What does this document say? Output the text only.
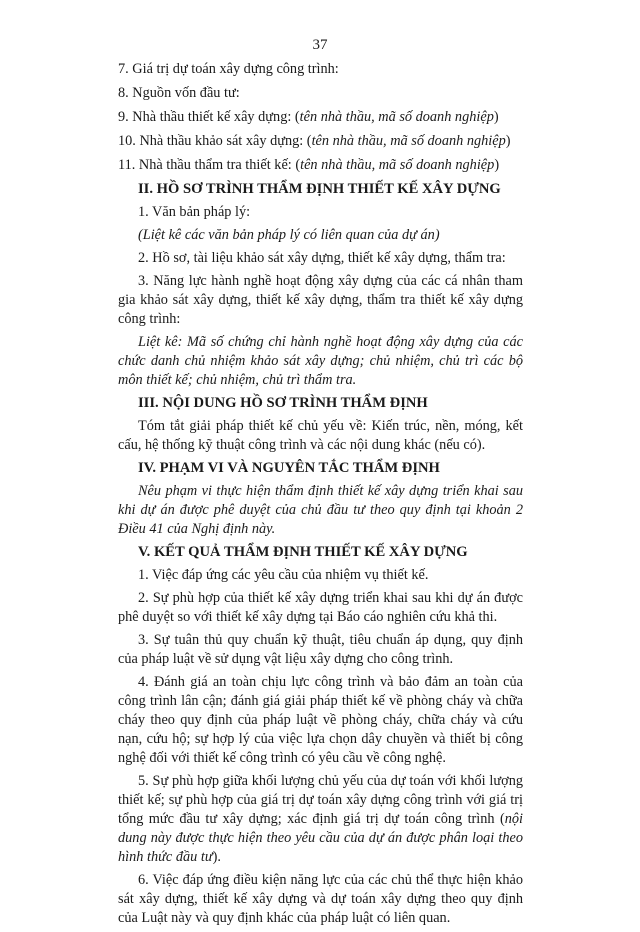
37

7. Giá trị dự toán xây dựng công trình:

8. Nguồn vốn đầu tư:

9. Nhà thầu thiết kế xây dựng: (tên nhà thầu, mã số doanh nghiệp)

10. Nhà thầu khảo sát xây dựng: (tên nhà thầu, mã số doanh nghiệp)

11. Nhà thầu thẩm tra thiết kế: (tên nhà thầu, mã số doanh nghiệp)

II. HỒ SƠ TRÌNH THẨM ĐỊNH THIẾT KẾ XÂY DỰNG

1. Văn bản pháp lý:

(Liệt kê các văn bản pháp lý có liên quan của dự án)

2. Hồ sơ, tài liệu khảo sát xây dựng, thiết kế xây dựng, thẩm tra:

3. Năng lực hành nghề hoạt động xây dựng của các cá nhân tham gia khảo sát xây dựng, thiết kế xây dựng, thẩm tra thiết kế xây dựng công trình:

Liệt kê: Mã số chứng chỉ hành nghề hoạt động xây dựng của các chức danh chủ nhiệm khảo sát xây dựng; chủ nhiệm, chủ trì các bộ môn thiết kế; chủ nhiệm, chủ trì thẩm tra.

III. NỘI DUNG HỒ SƠ TRÌNH THẨM ĐỊNH

Tóm tắt giải pháp thiết kế chủ yếu về: Kiến trúc, nền, móng, kết cấu, hệ thống kỹ thuật công trình và các nội dung khác (nếu có).

IV. PHẠM VI VÀ NGUYÊN TẮC THẨM ĐỊNH

Nêu phạm vi thực hiện thẩm định thiết kế xây dựng triển khai sau khi dự án được phê duyệt của chủ đầu tư theo quy định tại khoản 2 Điều 41 của Nghị định này.

V. KẾT QUẢ THẨM ĐỊNH THIẾT KẾ XÂY DỰNG

1. Việc đáp ứng các yêu cầu của nhiệm vụ thiết kế.

2. Sự phù hợp của thiết kế xây dựng triển khai sau khi dự án được phê duyệt so với thiết kế xây dựng tại Báo cáo nghiên cứu khả thi.

3. Sự tuân thủ quy chuẩn kỹ thuật, tiêu chuẩn áp dụng, quy định của pháp luật về sử dụng vật liệu xây dựng cho công trình.

4. Đánh giá an toàn chịu lực công trình và bảo đảm an toàn của công trình lân cận; đánh giá giải pháp thiết kế về phòng cháy và chữa cháy theo quy định của pháp luật về phòng cháy, chữa cháy và cứu nạn, cứu hộ; sự hợp lý của việc lựa chọn dây chuyền và thiết bị công nghệ đối với thiết kế công trình có yêu cầu về công nghệ.

5. Sự phù hợp giữa khối lượng chủ yếu của dự toán với khối lượng thiết kế; sự phù hợp của giá trị dự toán xây dựng công trình với giá trị tổng mức đầu tư xây dựng; xác định giá trị dự toán công trình (nội dung này được thực hiện theo yêu cầu của dự án được phân loại theo hình thức đầu tư).

6. Việc đáp ứng điều kiện năng lực của các chủ thể thực hiện khảo sát xây dựng, thiết kế xây dựng và dự toán xây dựng theo quy định của Luật này và quy định khác của pháp luật có liên quan.
